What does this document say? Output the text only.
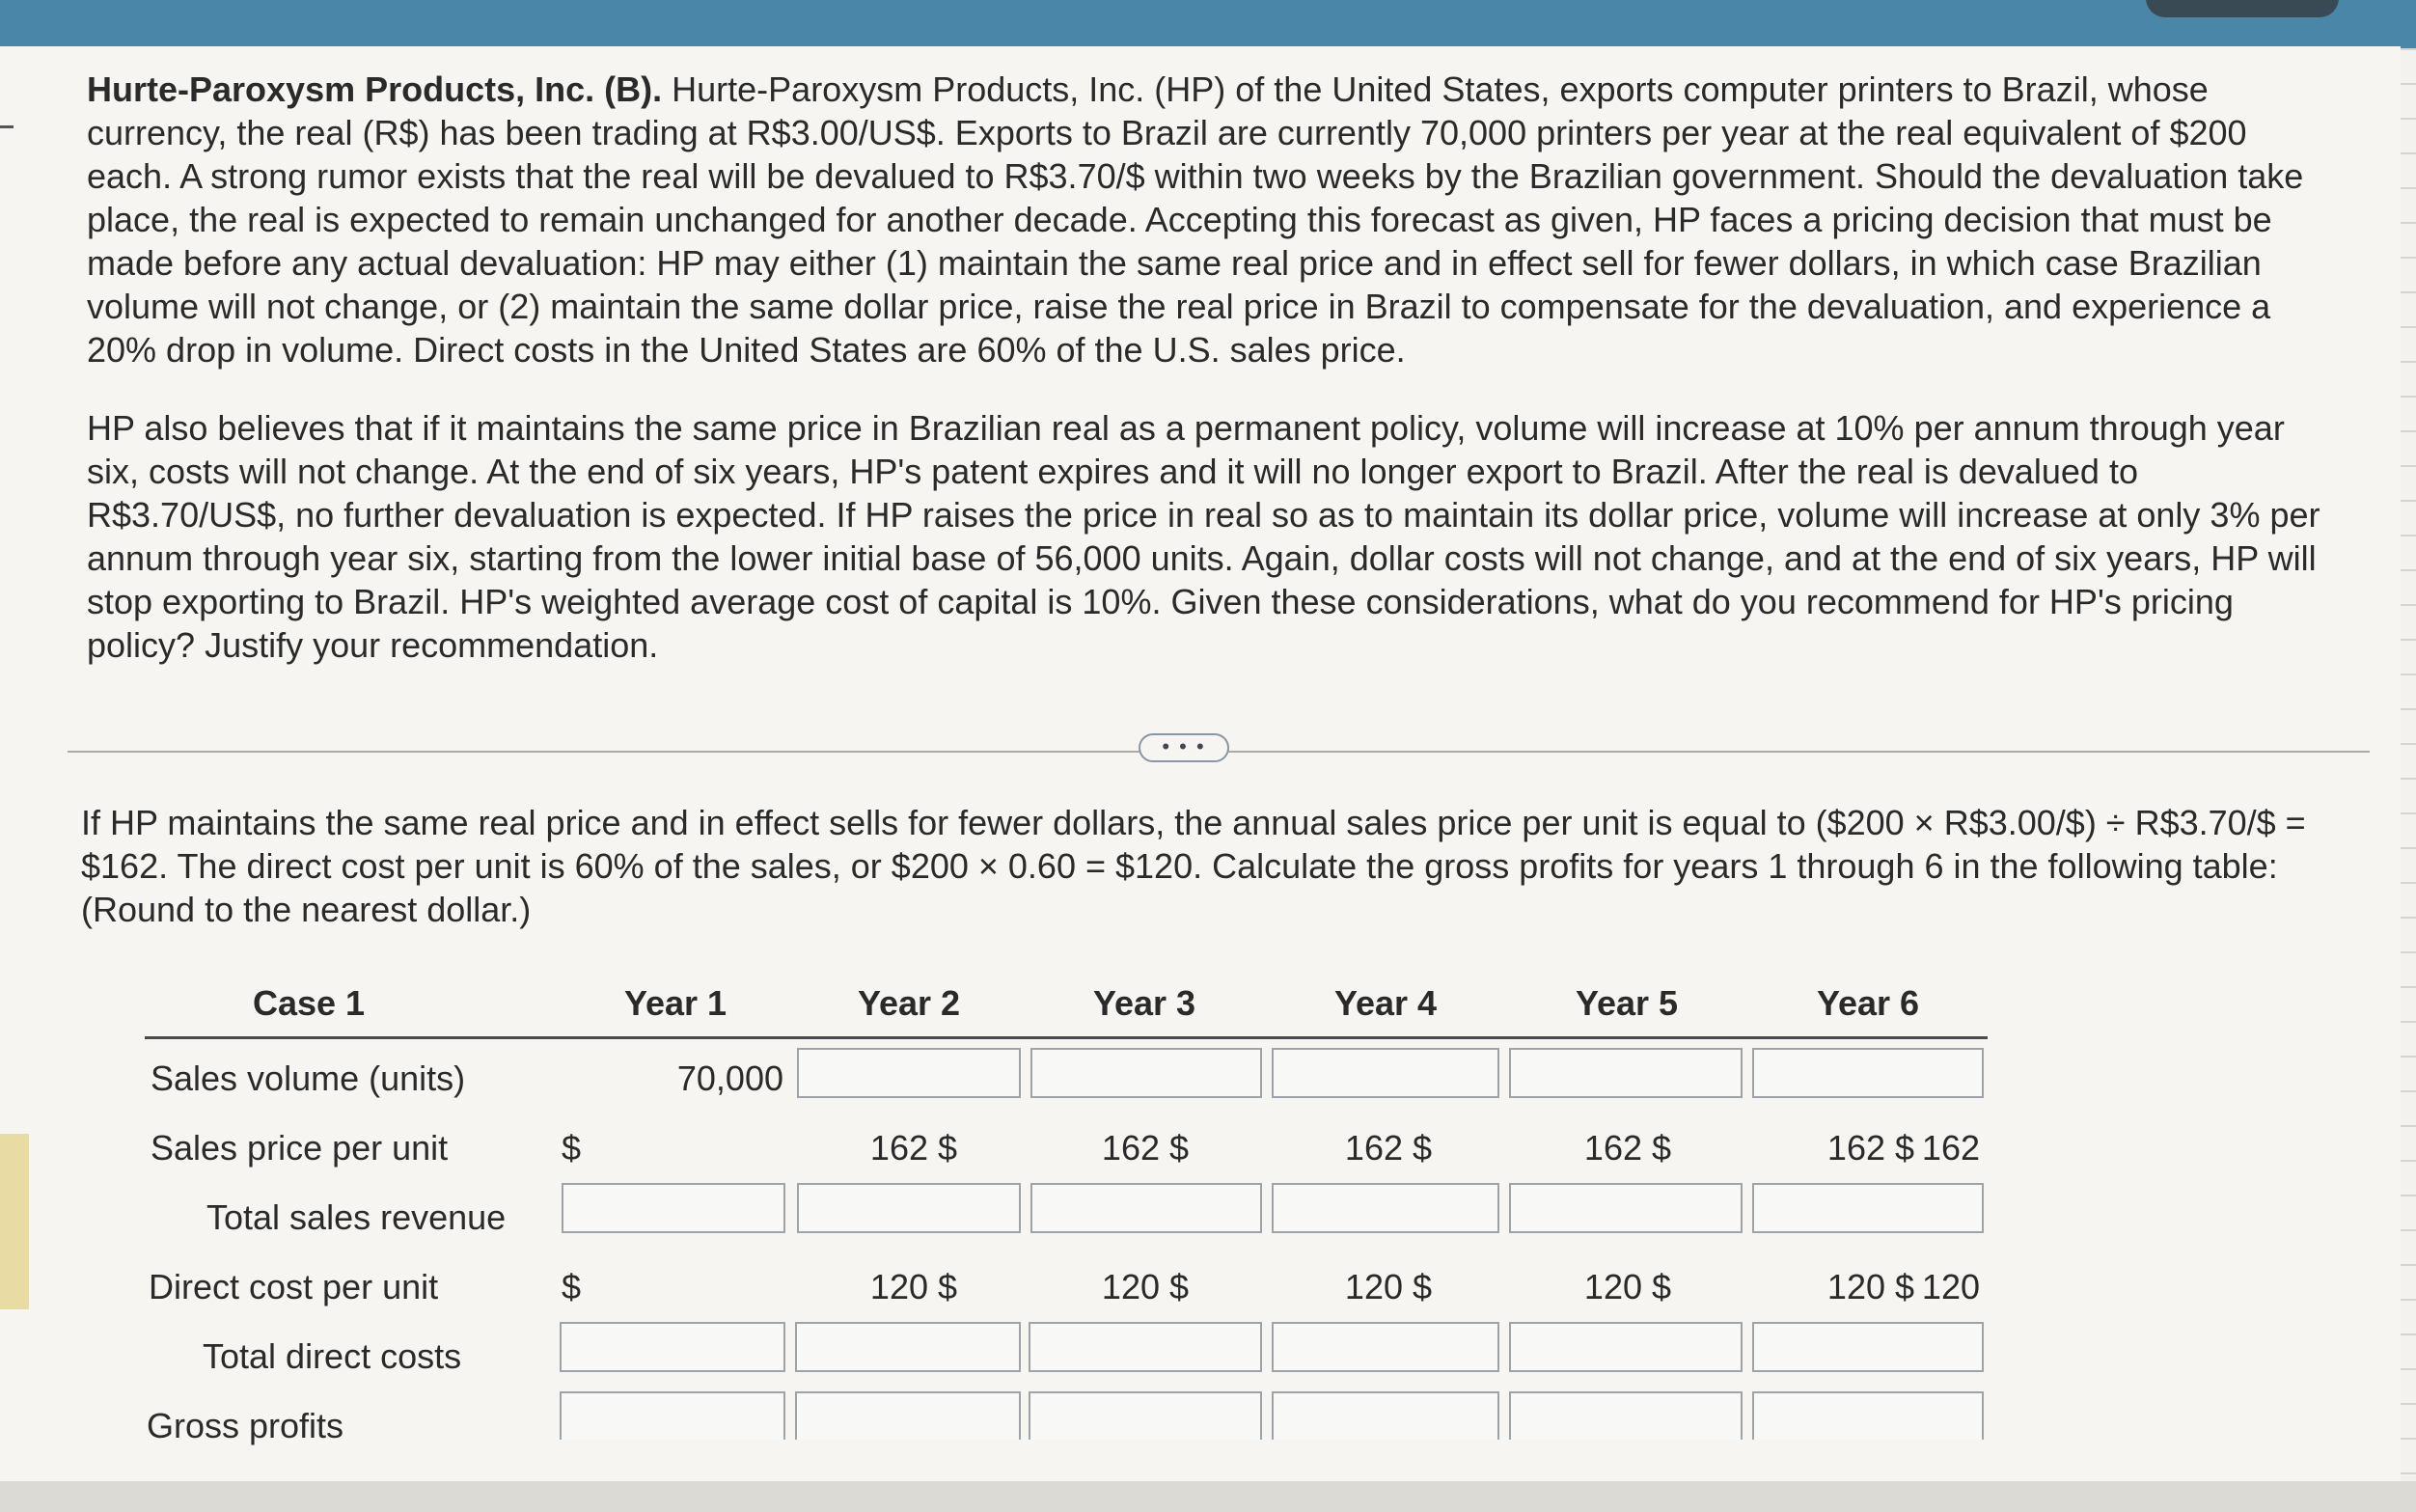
Hurte-Paroxysm Products, Inc. (B). Hurte-Paroxysm Products, Inc. (HP) of the United States, exports computer printers to Brazil, whose currency, the real (R$) has been trading at R$3.00/US$. Exports to Brazil are currently 70,000 printers per year at the real equivalent of $200 each. A strong rumor exists that the real will be devalued to R$3.70/$ within two weeks by the Brazilian government. Should the devaluation take place, the real is expected to remain unchanged for another decade. Accepting this forecast as given, HP faces a pricing decision that must be made before any actual devaluation: HP may either (1) maintain the same real price and in effect sell for fewer dollars, in which case Brazilian volume will not change, or (2) maintain the same dollar price, raise the real price in Brazil to compensate for the devaluation, and experience a 20% drop in volume. Direct costs in the United States are 60% of the U.S. sales price.

HP also believes that if it maintains the same price in Brazilian real as a permanent policy, volume will increase at 10% per annum through year six, costs will not change. At the end of six years, HP's patent expires and it will no longer export to Brazil. After the real is devalued to R$3.70/US$, no further devaluation is expected. If HP raises the price in real so as to maintain its dollar price, volume will increase at only 3% per annum through year six, starting from the lower initial base of 56,000 units. Again, dollar costs will not change, and at the end of six years, HP will stop exporting to Brazil. HP's weighted average cost of capital is 10%. Given these considerations, what do you recommend for HP's pricing policy? Justify your recommendation.

• • •

If HP maintains the same real price and in effect sells for fewer dollars, the annual sales price per unit is equal to ($200 × R$3.00/$) ÷ R$3.70/$ = $162. The direct cost per unit is 60% of the sales, or $200 × 0.60 = $120. Calculate the gross profits for years 1 through 6 in the following table: (Round to the nearest dollar.)

Case 1	Year 1	Year 2	Year 3	Year 4	Year 5	Year 6
Sales volume (units)	70,000
Sales price per unit	$	162 $	162 $	162 $	162 $	162 $ 162
Total sales revenue
Direct cost per unit	$	120 $	120 $	120 $	120 $	120 $ 120
Total direct costs
Gross profits
